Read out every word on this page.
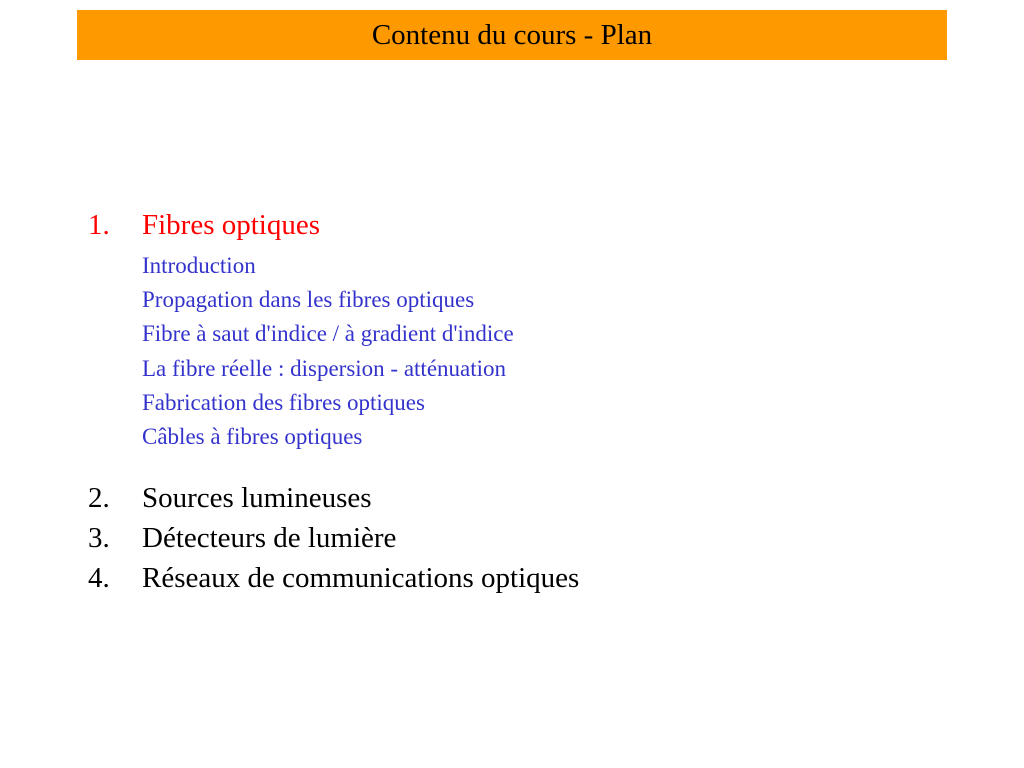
Contenu du cours - Plan
1. Fibres optiques
Introduction
Propagation dans les fibres optiques
Fibre à saut d'indice / à gradient d'indice
La fibre réelle : dispersion - atténuation
Fabrication des fibres optiques
Câbles à fibres optiques
2. Sources lumineuses
3. Détecteurs de lumière
4. Réseaux de communications optiques
